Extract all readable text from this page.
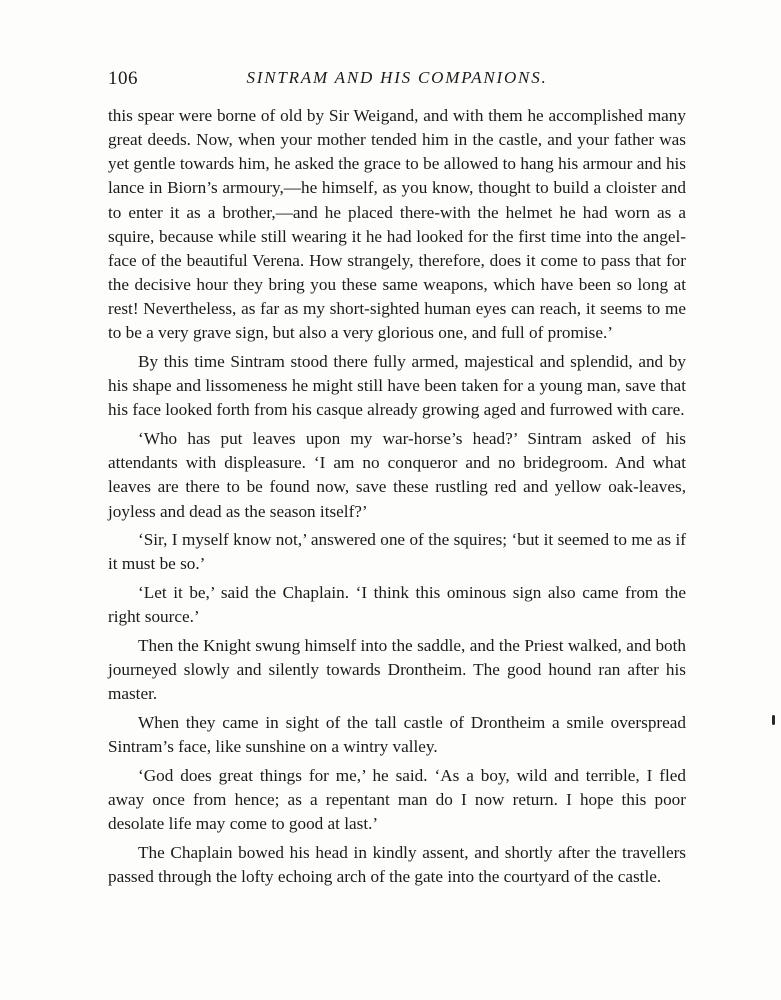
106	SINTRAM AND HIS COMPANIONS.

this spear were borne of old by Sir Weigand, and with them he accomplished many great deeds. Now, when your mother tended him in the castle, and your father was yet gentle towards him, he asked the grace to be allowed to hang his armour and his lance in Biorn’s armoury,—he himself, as you know, thought to build a cloister and to enter it as a brother,—and he placed there-with the helmet he had worn as a squire, because while still wearing it he had looked for the first time into the angel-face of the beautiful Verena. How strangely, therefore, does it come to pass that for the decisive hour they bring you these same weapons, which have been so long at rest! Nevertheless, as far as my short-sighted human eyes can reach, it seems to me to be a very grave sign, but also a very glorious one, and full of promise.’

By this time Sintram stood there fully armed, majestical and splendid, and by his shape and lissomeness he might still have been taken for a young man, save that his face looked forth from his casque already growing aged and furrowed with care.

‘Who has put leaves upon my war-horse’s head?’ Sintram asked of his attendants with displeasure. ‘I am no conqueror and no bridegroom. And what leaves are there to be found now, save these rustling red and yellow oak-leaves, joyless and dead as the season itself?’

‘Sir, I myself know not,’ answered one of the squires; ‘but it seemed to me as if it must be so.’

‘Let it be,’ said the Chaplain. ‘I think this ominous sign also came from the right source.’

Then the Knight swung himself into the saddle, and the Priest walked, and both journeyed slowly and silently towards Drontheim. The good hound ran after his master.

When they came in sight of the tall castle of Drontheim a smile overspread Sintram’s face, like sunshine on a wintry valley.

‘God does great things for me,’ he said. ‘As a boy, wild and terrible, I fled away once from hence; as a repentant man do I now return. I hope this poor desolate life may come to good at last.’

The Chaplain bowed his head in kindly assent, and shortly after the travellers passed through the lofty echoing arch of the gate into the courtyard of the castle.
